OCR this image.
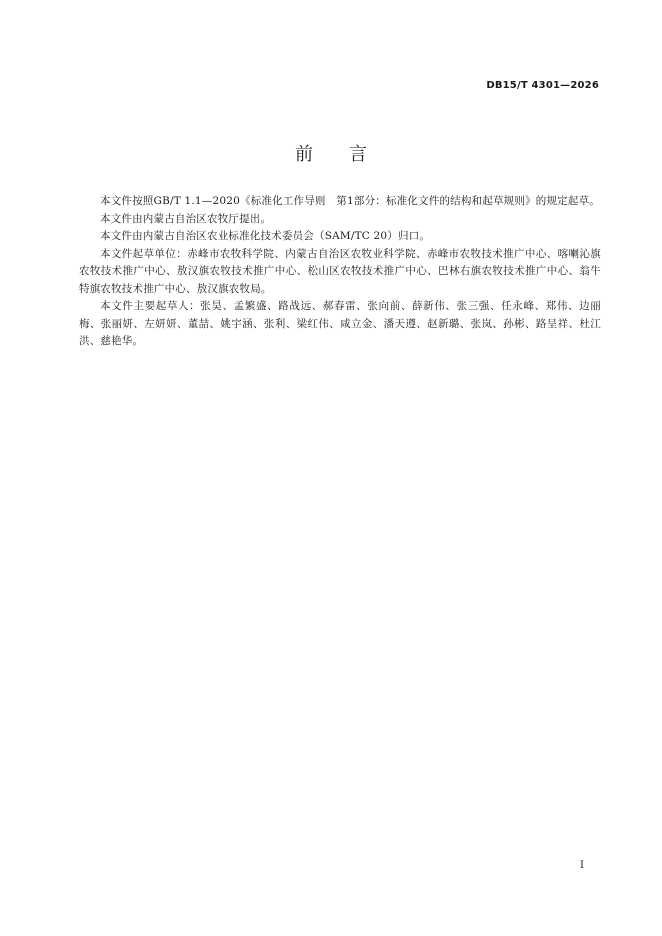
DB15/T 4301—2026
前 言

本文件按照GB/T 1.1—2020《标准化工作导则　第1部分：标准化文件的结构和起草规则》的规定起草。

本文件由内蒙古自治区农牧厅提出。

本文件由内蒙古自治区农业标准化技术委员会（SAM/TC 20）归口。

本文件起草单位：赤峰市农牧科学院、内蒙古自治区农牧业科学院、赤峰市农牧技术推广中心、喀喇沁旗农牧技术推广中心、敖汉旗农牧技术推广中心、松山区农牧技术推广中心、巴林右旗农牧技术推广中心、翁牛特旗农牧技术推广中心、敖汉旗农牧局。

本文件主要起草人：张昊、孟繁盛、路战远、郝春雷、张向前、薛新伟、张三强、任永峰、郑伟、边丽梅、张丽妍、左妍妍、董喆、姚宇涵、张利、梁红伟、咸立金、潘天遵、赵新璐、张岚、孙彬、路呈祥、杜江洪、慈艳华。

I
